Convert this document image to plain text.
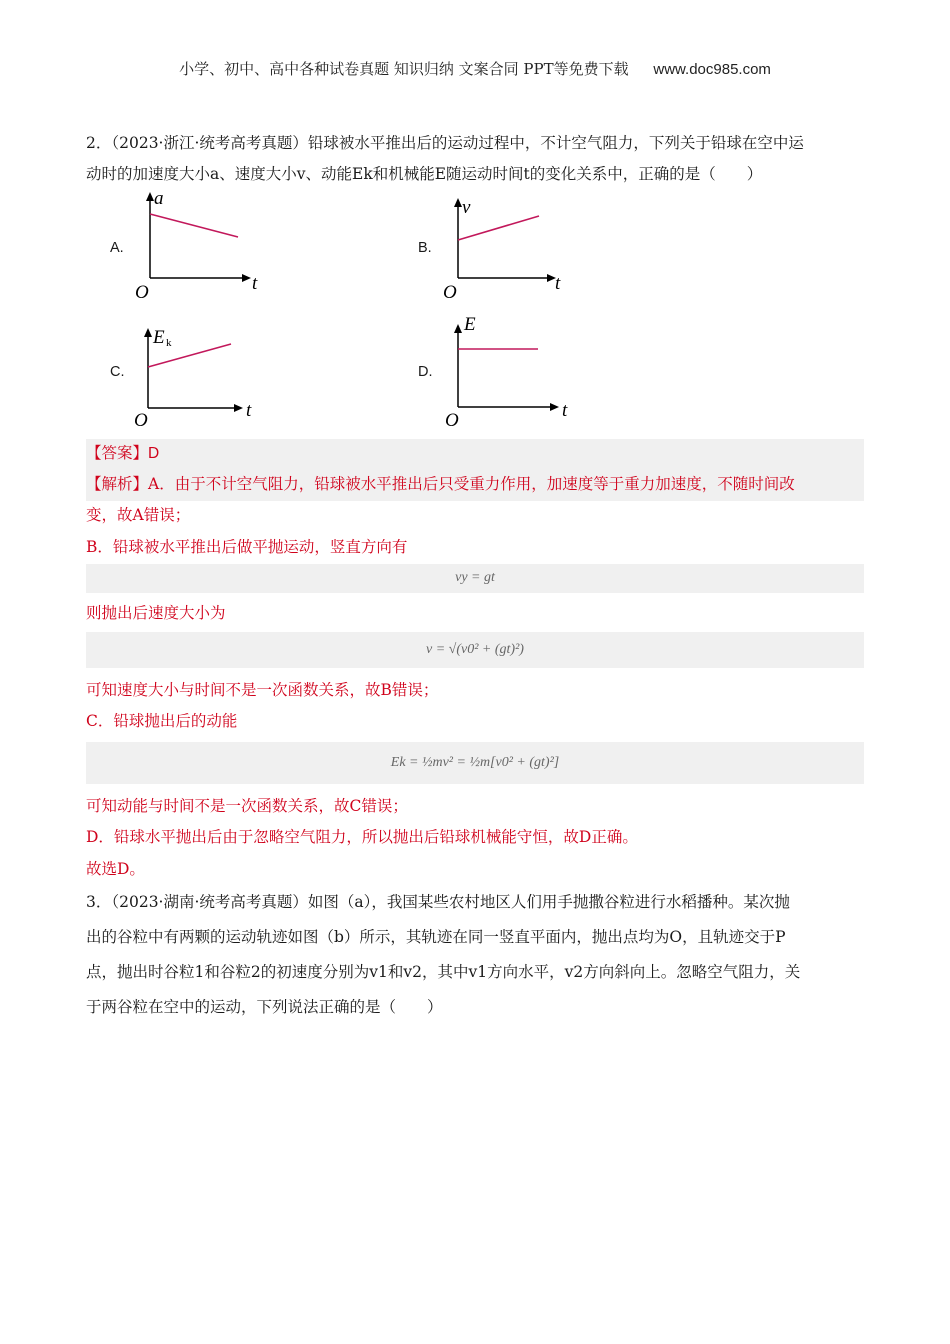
小学、初中、高中各种试卷真题 知识归纳 文案合同 PPT等免费下载 www.doc985.com
2．（2023·浙江·统考高考真题）铅球被水平推出后的运动过程中，不计空气阻力，下列关于铅球在空中运
动时的加速度大小a、速度大小v、动能Ek和机械能E随运动时间t的变化关系中，正确的是（　　）
A.
a
t
O
B.
v
t
O
C.
E k
t
O
D.
E
t
O
【答案】D
【解析】A．由于不计空气阻力，铅球被水平推出后只受重力作用，加速度等于重力加速度，不随时间改
变，故A错误；
B．铅球被水平推出后做平抛运动，竖直方向有
vy = gt
则抛出后速度大小为
v = √(v0² + (gt)²)
可知速度大小与时间不是一次函数关系，故B错误；
C．铅球抛出后的动能
Ek = ½mv² = ½m[v0² + (gt)²]
可知动能与时间不是一次函数关系，故C错误；
D．铅球水平抛出后由于忽略空气阻力，所以抛出后铅球机械能守恒，故D正确。
故选D。
3．（2023·湖南·统考高考真题）如图（a），我国某些农村地区人们用手抛撒谷粒进行水稻播种。某次抛
出的谷粒中有两颗的运动轨迹如图（b）所示，其轨迹在同一竖直平面内，抛出点均为O，且轨迹交于P
点，抛出时谷粒1和谷粒2的初速度分别为v1和v2，其中v1方向水平，v2方向斜向上。忽略空气阻力，关
于两谷粒在空中的运动，下列说法正确的是（　　）
